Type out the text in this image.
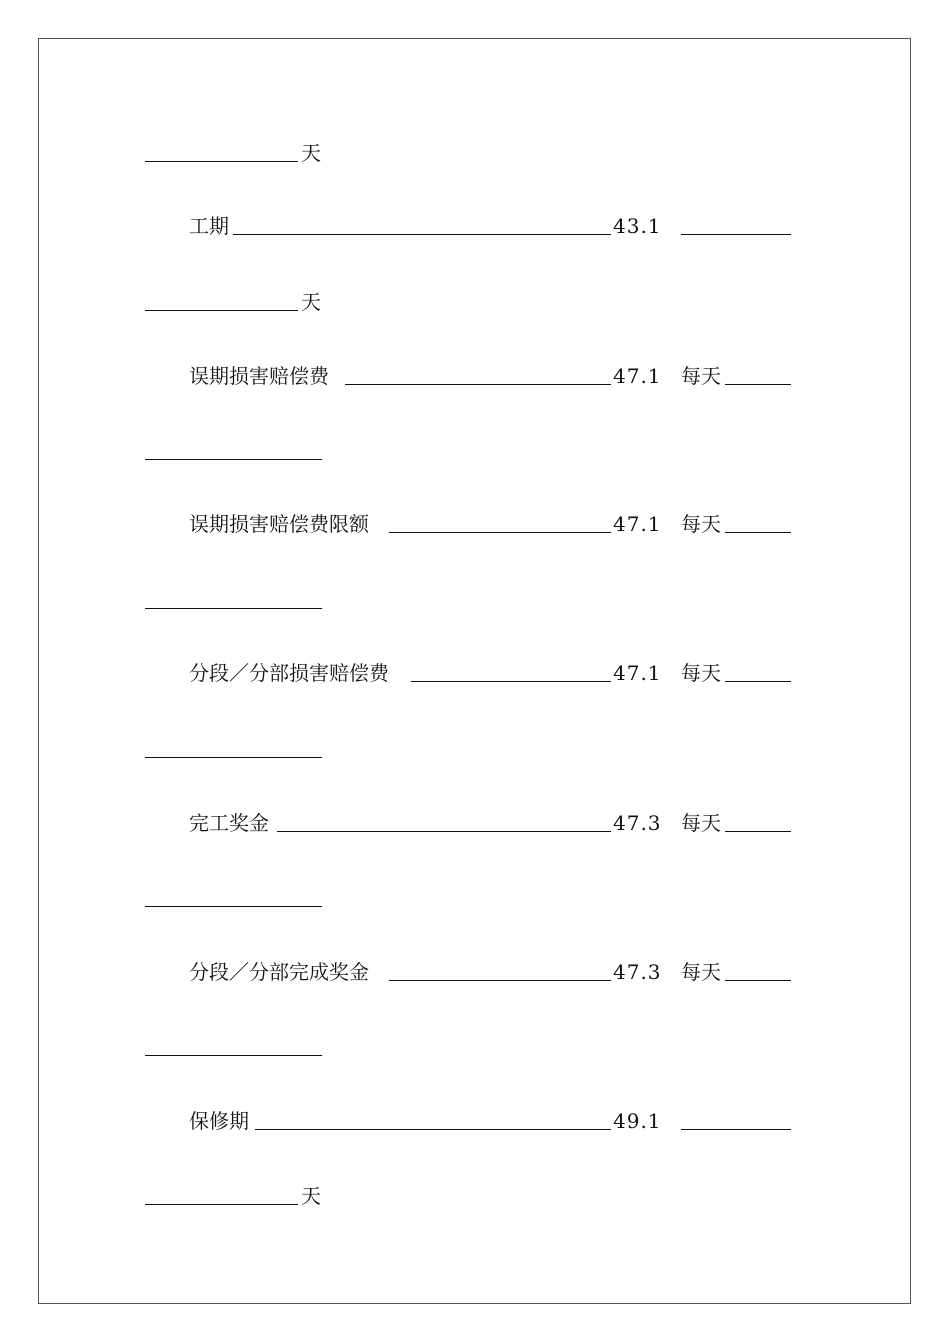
天
工期	43.1
天
误期损害赔偿费	47.1 每天
误期损害赔偿费限额	47.1 每天
分段／分部损害赔偿费	47.1 每天
完工奖金	47.3 每天
分段／分部完成奖金	47.3 每天
保修期	49.1
天
